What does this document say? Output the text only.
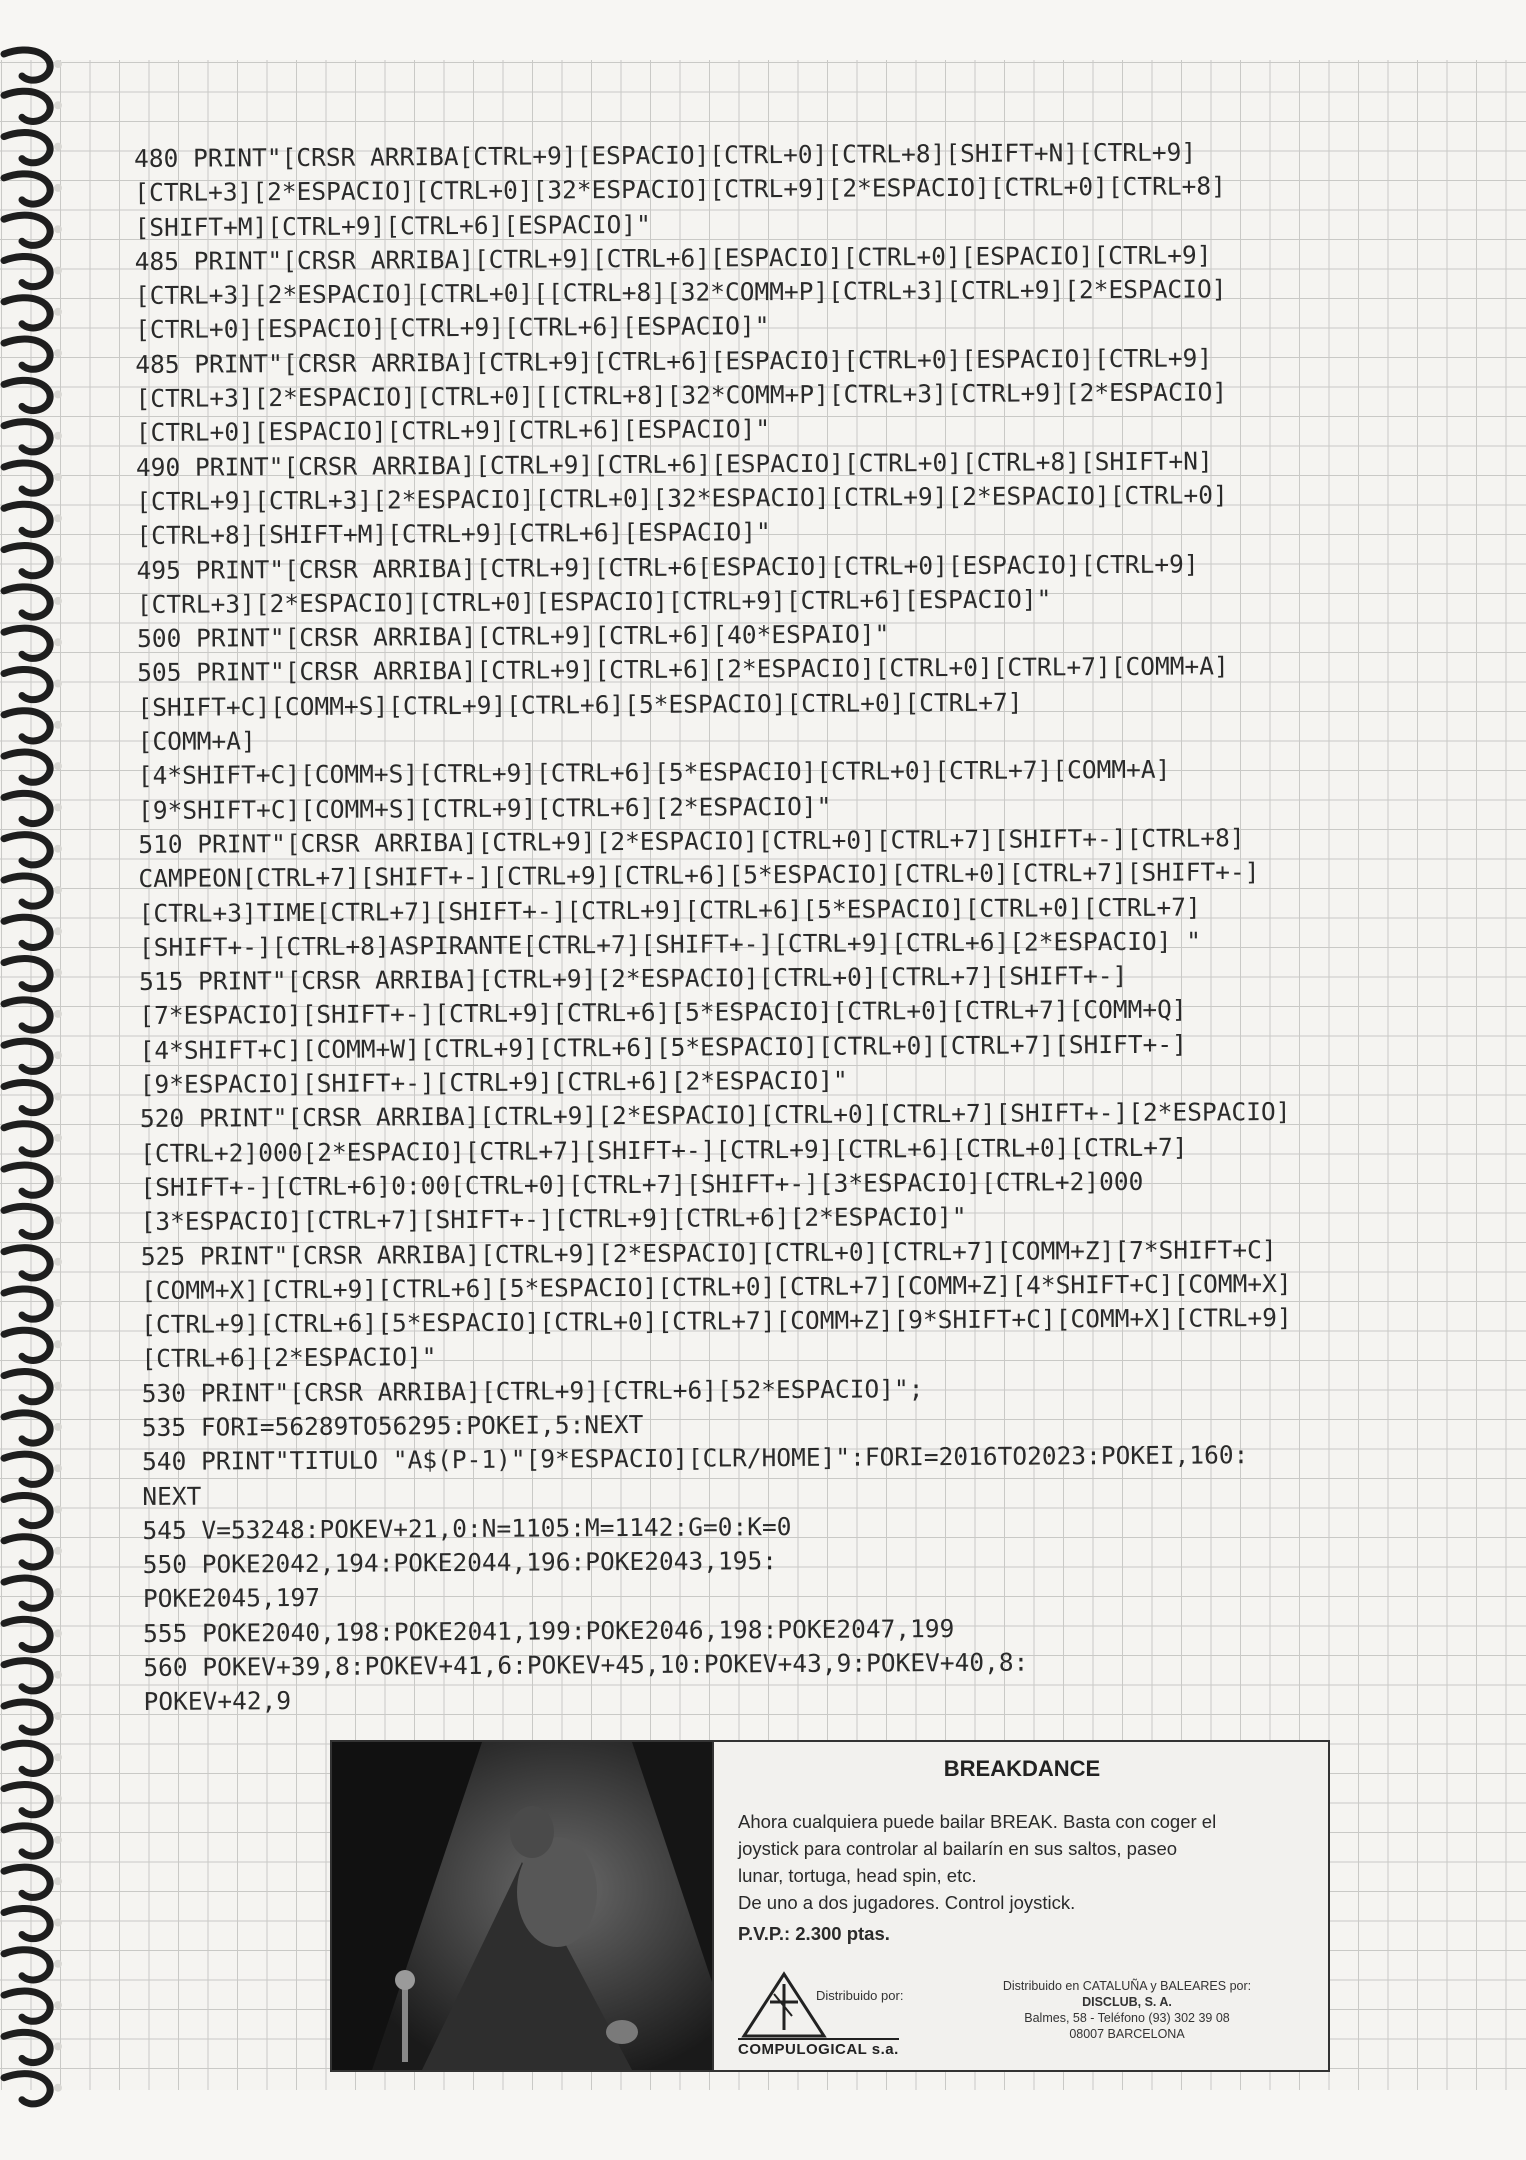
480 PRINT"[CRSR ARRIBA[CTRL+9][ESPACIO][CTRL+0][CTRL+8][SHIFT+N][CTRL+9]
[CTRL+3][2*ESPACIO][CTRL+0][32*ESPACIO][CTRL+9][2*ESPACIO][CTRL+0][CTRL+8]
[SHIFT+M][CTRL+9][CTRL+6][ESPACIO]"
485 PRINT"[CRSR ARRIBA][CTRL+9][CTRL+6][ESPACIO][CTRL+0][ESPACIO][CTRL+9]
[CTRL+3][2*ESPACIO][CTRL+0][[CTRL+8][32*COMM+P][CTRL+3][CTRL+9][2*ESPACIO]
[CTRL+0][ESPACIO][CTRL+9][CTRL+6][ESPACIO]"
485 PRINT"[CRSR ARRIBA][CTRL+9][CTRL+6][ESPACIO][CTRL+0][ESPACIO][CTRL+9]
[CTRL+3][2*ESPACIO][CTRL+0][[CTRL+8][32*COMM+P][CTRL+3][CTRL+9][2*ESPACIO]
[CTRL+0][ESPACIO][CTRL+9][CTRL+6][ESPACIO]"
490 PRINT"[CRSR ARRIBA][CTRL+9][CTRL+6][ESPACIO][CTRL+0][CTRL+8][SHIFT+N]
[CTRL+9][CTRL+3][2*ESPACIO][CTRL+0][32*ESPACIO][CTRL+9][2*ESPACIO][CTRL+0]
[CTRL+8][SHIFT+M][CTRL+9][CTRL+6][ESPACIO]"
495 PRINT"[CRSR ARRIBA][CTRL+9][CTRL+6[ESPACIO][CTRL+0][ESPACIO][CTRL+9]
[CTRL+3][2*ESPACIO][CTRL+0][ESPACIO][CTRL+9][CTRL+6][ESPACIO]"
500 PRINT"[CRSR ARRIBA][CTRL+9][CTRL+6][40*ESPAIO]"
505 PRINT"[CRSR ARRIBA][CTRL+9][CTRL+6][2*ESPACIO][CTRL+0][CTRL+7][COMM+A]
[SHIFT+C][COMM+S][CTRL+9][CTRL+6][5*ESPACIO][CTRL+0][CTRL+7]
[COMM+A]
[4*SHIFT+C][COMM+S][CTRL+9][CTRL+6][5*ESPACIO][CTRL+0][CTRL+7][COMM+A]
[9*SHIFT+C][COMM+S][CTRL+9][CTRL+6][2*ESPACIO]"
510 PRINT"[CRSR ARRIBA][CTRL+9][2*ESPACIO][CTRL+0][CTRL+7][SHIFT+-][CTRL+8]
CAMPEON[CTRL+7][SHIFT+-][CTRL+9][CTRL+6][5*ESPACIO][CTRL+0][CTRL+7][SHIFT+-]
[CTRL+3]TIME[CTRL+7][SHIFT+-][CTRL+9][CTRL+6][5*ESPACIO][CTRL+0][CTRL+7]
[SHIFT+-][CTRL+8]ASPIRANTE[CTRL+7][SHIFT+-][CTRL+9][CTRL+6][2*ESPACIO] "
515 PRINT"[CRSR ARRIBA][CTRL+9][2*ESPACIO][CTRL+0][CTRL+7][SHIFT+-]
[7*ESPACIO][SHIFT+-][CTRL+9][CTRL+6][5*ESPACIO][CTRL+0][CTRL+7][COMM+Q]
[4*SHIFT+C][COMM+W][CTRL+9][CTRL+6][5*ESPACIO][CTRL+0][CTRL+7][SHIFT+-]
[9*ESPACIO][SHIFT+-][CTRL+9][CTRL+6][2*ESPACIO]"
520 PRINT"[CRSR ARRIBA][CTRL+9][2*ESPACIO][CTRL+0][CTRL+7][SHIFT+-][2*ESPACIO]
[CTRL+2]000[2*ESPACIO][CTRL+7][SHIFT+-][CTRL+9][CTRL+6][CTRL+0][CTRL+7]
[SHIFT+-][CTRL+6]0:00[CTRL+0][CTRL+7][SHIFT+-][3*ESPACIO][CTRL+2]000
[3*ESPACIO][CTRL+7][SHIFT+-][CTRL+9][CTRL+6][2*ESPACIO]"
525 PRINT"[CRSR ARRIBA][CTRL+9][2*ESPACIO][CTRL+0][CTRL+7][COMM+Z][7*SHIFT+C]
[COMM+X][CTRL+9][CTRL+6][5*ESPACIO][CTRL+0][CTRL+7][COMM+Z][4*SHIFT+C][COMM+X]
[CTRL+9][CTRL+6][5*ESPACIO][CTRL+0][CTRL+7][COMM+Z][9*SHIFT+C][COMM+X][CTRL+9]
[CTRL+6][2*ESPACIO]"
530 PRINT"[CRSR ARRIBA][CTRL+9][CTRL+6][52*ESPACIO]";
535 FORI=56289TO56295:POKEI,5:NEXT
540 PRINT"TITULO "A$(P-1)"[9*ESPACIO][CLR/HOME]":FORI=2016TO2023:POKEI,160:
NEXT
545 V=53248:POKEV+21,0:N=1105:M=1142:G=0:K=0
550 POKE2042,194:POKE2044,196:POKE2043,195:
POKE2045,197
555 POKE2040,198:POKE2041,199:POKE2046,198:POKE2047,199
560 POKEV+39,8:POKEV+41,6:POKEV+45,10:POKEV+43,9:POKEV+40,8:
POKEV+42,9
BREAKDANCE
Ahora cualquiera puede bailar BREAK. Basta con coger el
joystick para controlar al bailarín en sus saltos, paseo
lunar, tortuga, head spin, etc.
De uno a dos jugadores. Control joystick.
P.V.P.: 2.300 ptas.
Distribuido por:
COMPULOGICAL s.a.
Distribuido en CATALUÑA y BALEARES por:
DISCLUB, S. A.
Balmes, 58 - Teléfono (93) 302 39 08
08007 BARCELONA
